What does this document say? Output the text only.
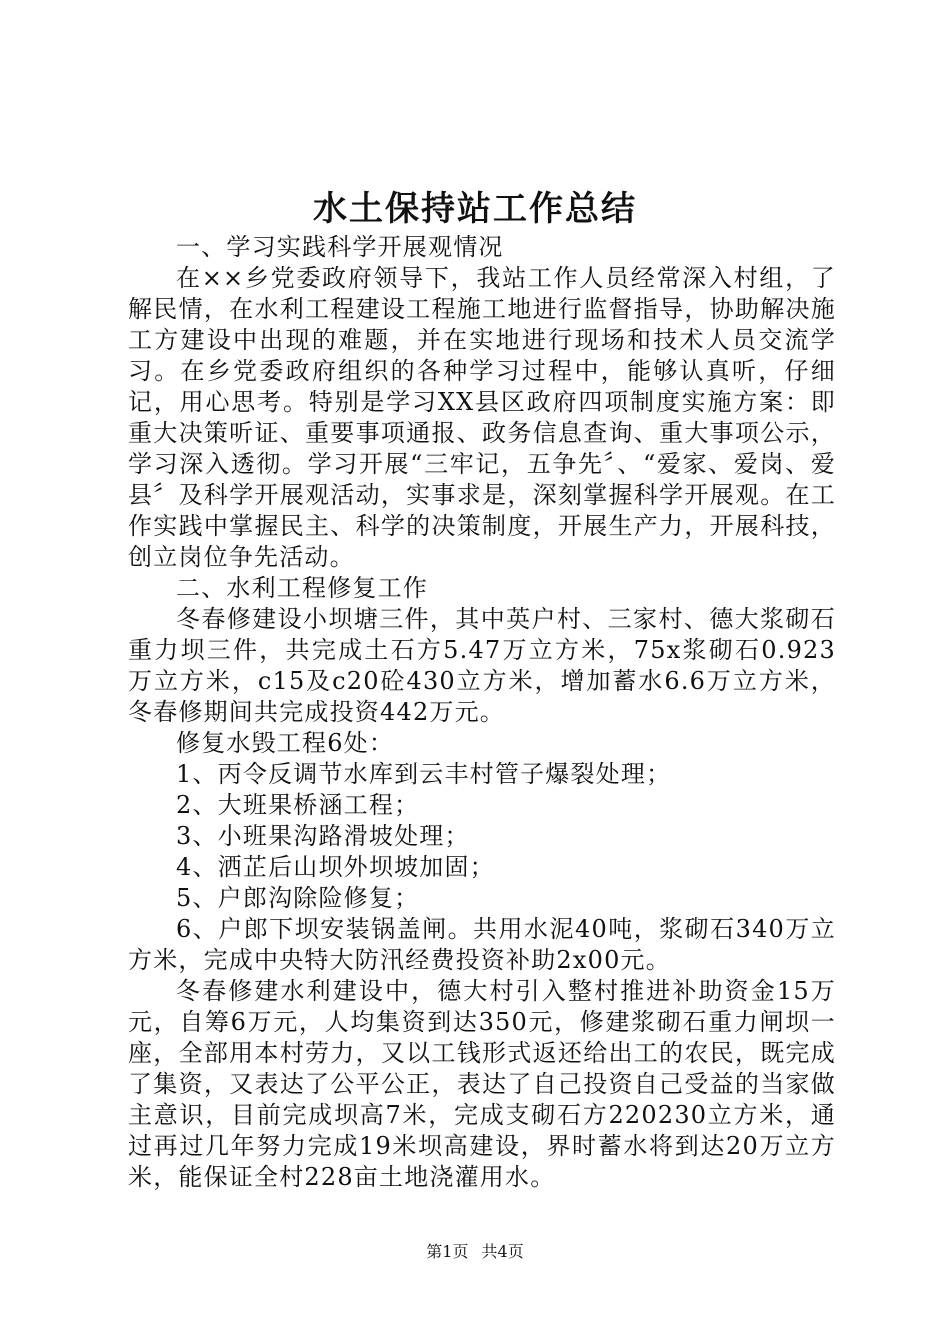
水土保持站工作总结

一、学习实践科学开展观情况

在××乡党委政府领导下，我站工作人员经常深入村组，了解民情，在水利工程建设工程施工地进行监督指导，协助解决施工方建设中出现的难题，并在实地进行现场和技术人员交流学习。在乡党委政府组织的各种学习过程中，能够认真听，仔细记，用心思考。特别是学习XX县区政府四项制度实施方案：即重大决策听证、重要事项通报、政务信息查询、重大事项公示，学习深入透彻。学习开展“三牢记，五争先〞、“爱家、爱岗、爱县〞及科学开展观活动，实事求是，深刻掌握科学开展观。在工作实践中掌握民主、科学的决策制度，开展生产力，开展科技，创立岗位争先活动。

二、水利工程修复工作

冬春修建设小坝塘三件，其中英户村、三家村、德大浆砌石重力坝三件，共完成土石方5.47万立方米，75x浆砌石0.923万立方米，c15及c20砼430立方米，增加蓄水6.6万立方米，冬春修期间共完成投资442万元。

修复水毁工程6处：

1、丙令反调节水库到云丰村管子爆裂处理；

2、大班果桥涵工程；

3、小班果沟路滑坡处理；

4、洒芷后山坝外坝坡加固；

5、户郎沟除险修复；

6、户郎下坝安装锅盖闸。共用水泥40吨，浆砌石340万立方米，完成中央特大防汛经费投资补助2x00元。

冬春修建水利建设中，德大村引入整村推进补助资金15万元，自筹6万元，人均集资到达350元，修建浆砌石重力闸坝一座，全部用本村劳力，又以工钱形式返还给出工的农民，既完成了集资，又表达了公平公正，表达了自己投资自己受益的当家做主意识，目前完成坝高7米，完成支砌石方220230立方米，通过再过几年努力完成19米坝高建设，界时蓄水将到达20万立方米，能保证全村228亩土地浇灌用水。

第1页 共4页
